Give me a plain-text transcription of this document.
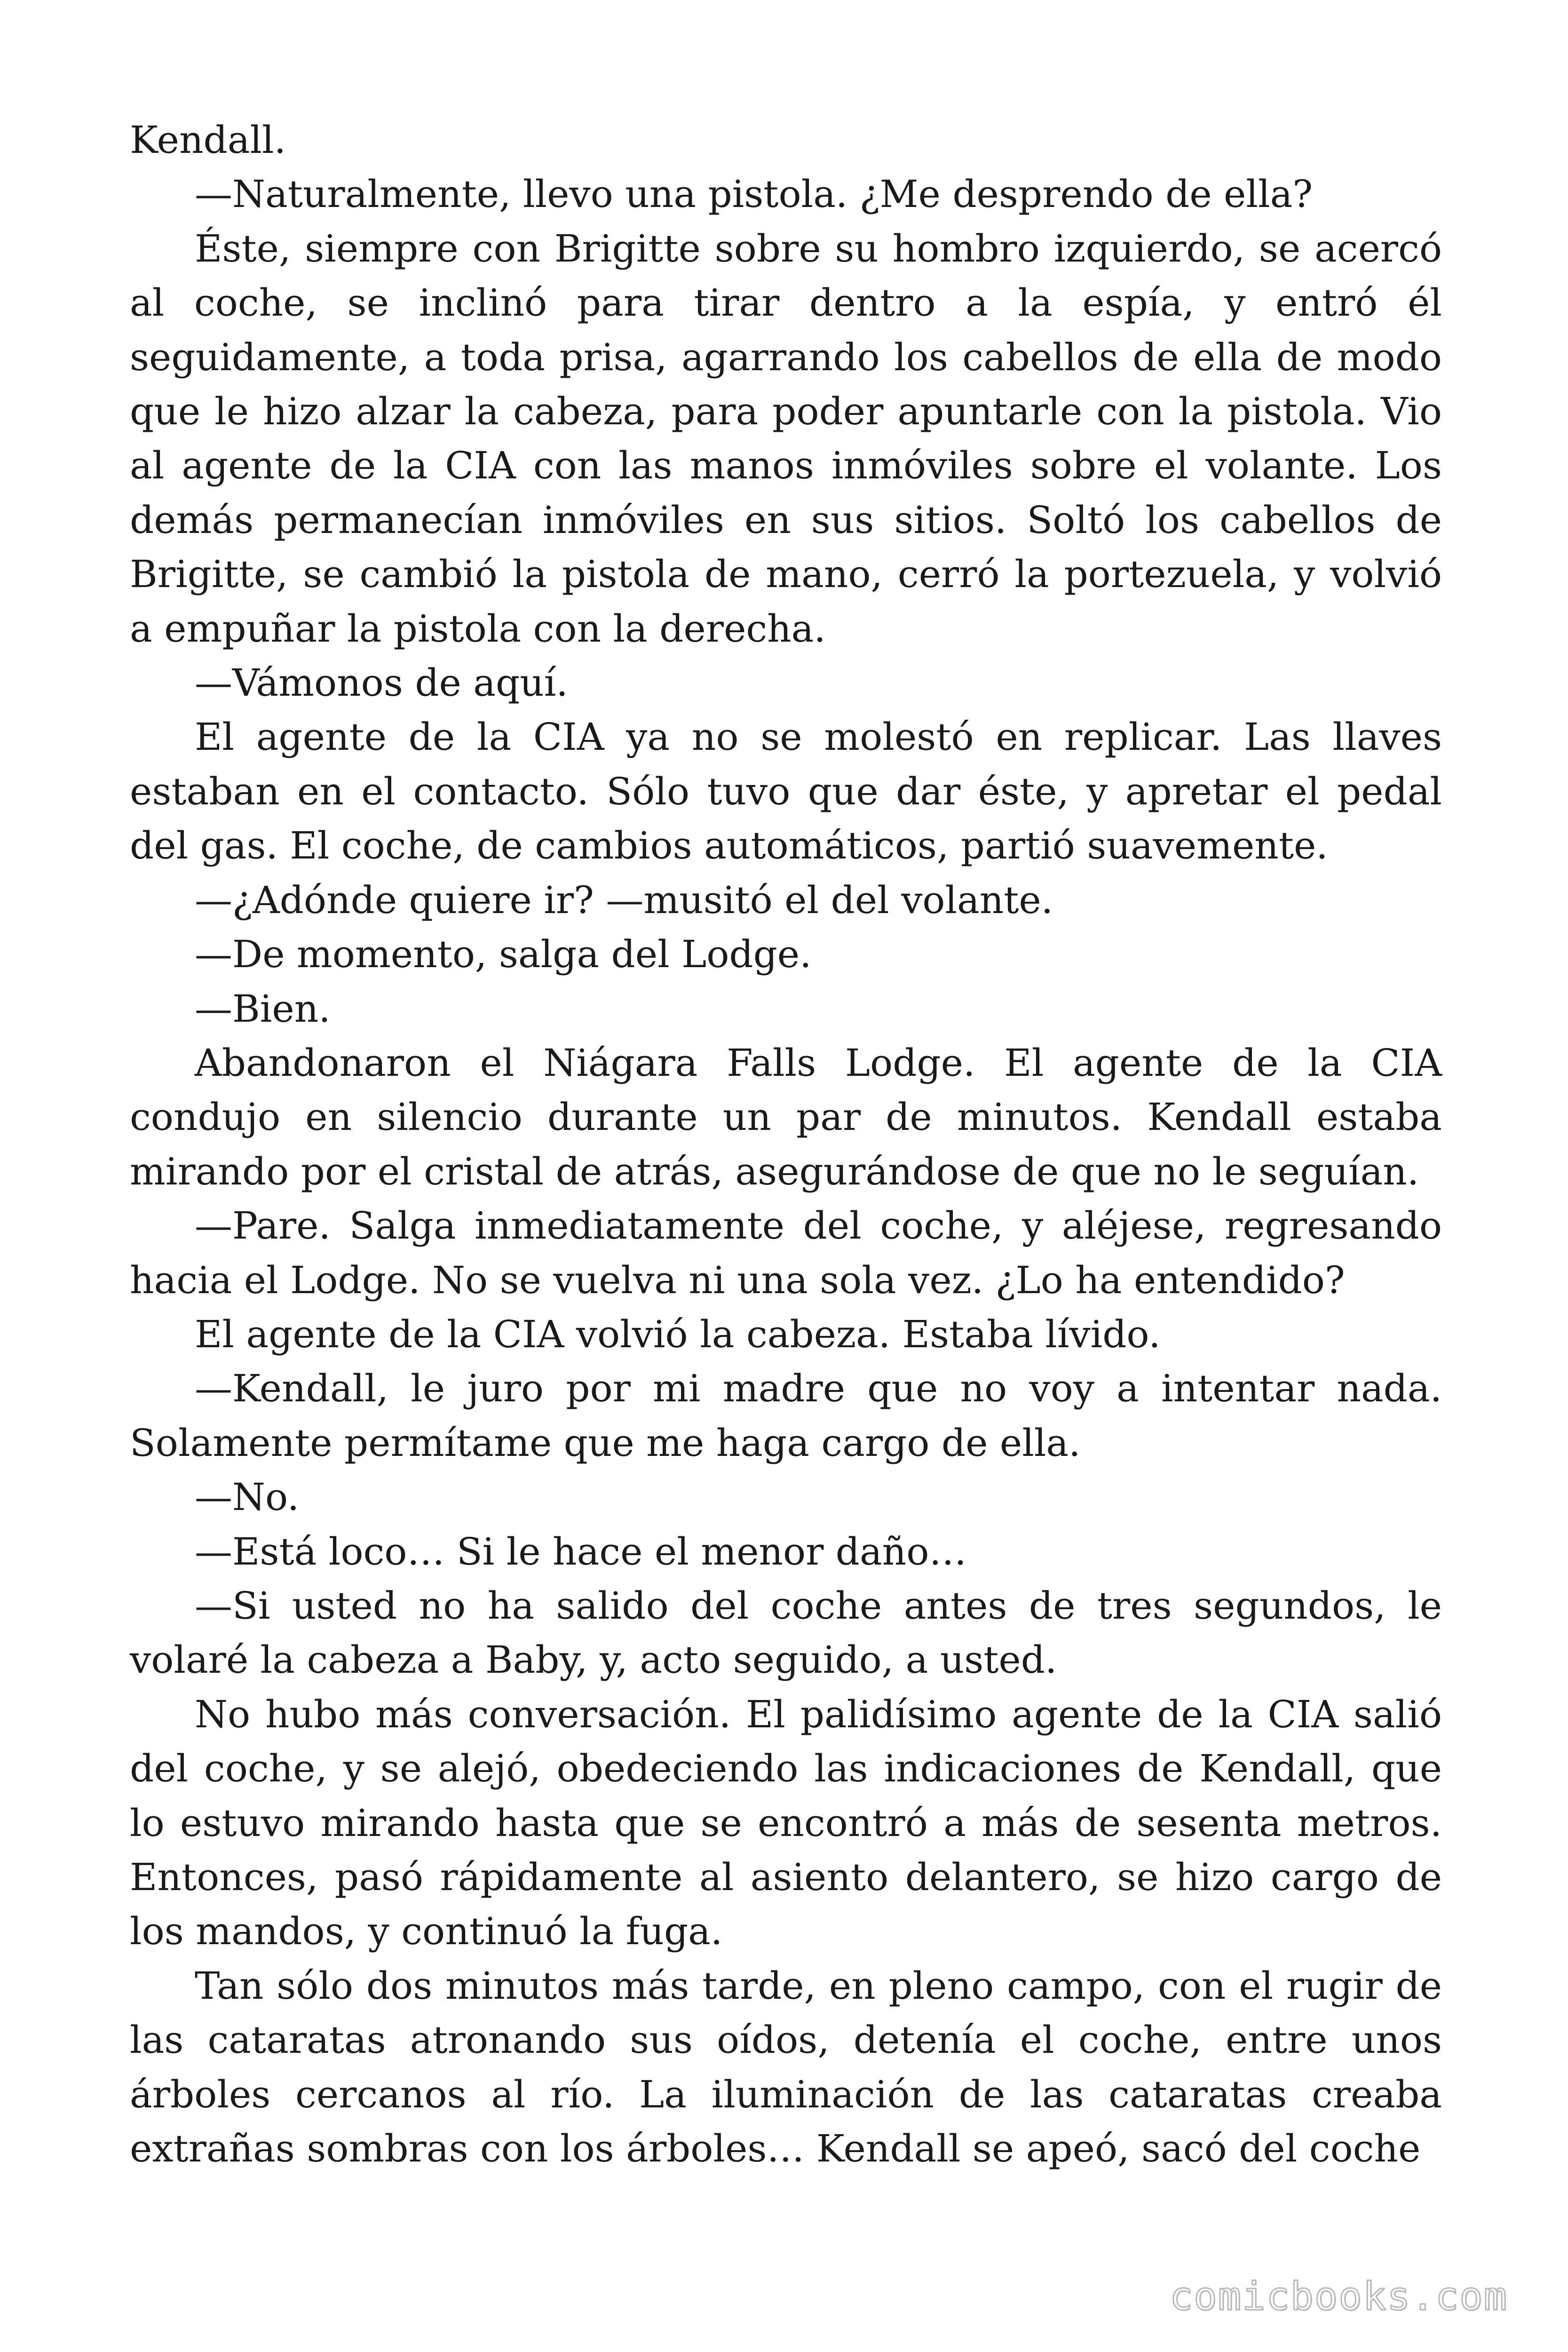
Kendall.

—Naturalmente, llevo una pistola. ¿Me desprendo de ella?

Éste, siempre con Brigitte sobre su hombro izquierdo, se acercó al coche, se inclinó para tirar dentro a la espía, y entró él seguidamente, a toda prisa, agarrando los cabellos de ella de modo que le hizo alzar la cabeza, para poder apuntarle con la pistola. Vio al agente de la CIA con las manos inmóviles sobre el volante. Los demás permanecían inmóviles en sus sitios. Soltó los cabellos de Brigitte, se cambió la pistola de mano, cerró la portezuela, y volvió a empuñar la pistola con la derecha.

—Vámonos de aquí.

El agente de la CIA ya no se molestó en replicar. Las llaves estaban en el contacto. Sólo tuvo que dar éste, y apretar el pedal del gas. El coche, de cambios automáticos, partió suavemente.

—¿Adónde quiere ir? —musitó el del volante.

—De momento, salga del Lodge.

—Bien.

Abandonaron el Niágara Falls Lodge. El agente de la CIA condujo en silencio durante un par de minutos. Kendall estaba mirando por el cristal de atrás, asegurándose de que no le seguían.

—Pare. Salga inmediatamente del coche, y aléjese, regresando hacia el Lodge. No se vuelva ni una sola vez. ¿Lo ha entendido?

El agente de la CIA volvió la cabeza. Estaba lívido.

—Kendall, le juro por mi madre que no voy a intentar nada. Solamente permítame que me haga cargo de ella.

—No.

—Está loco… Si le hace el menor daño…

—Si usted no ha salido del coche antes de tres segundos, le volaré la cabeza a Baby, y, acto seguido, a usted.

No hubo más conversación. El palidísimo agente de la CIA salió del coche, y se alejó, obedeciendo las indicaciones de Kendall, que lo estuvo mirando hasta que se encontró a más de sesenta metros. Entonces, pasó rápidamente al asiento delantero, se hizo cargo de los mandos, y continuó la fuga.

Tan sólo dos minutos más tarde, en pleno campo, con el rugir de las cataratas atronando sus oídos, detenía el coche, entre unos árboles cercanos al río. La iluminación de las cataratas creaba extrañas sombras con los árboles… Kendall se apeó, sacó del coche

comicbooks.com
